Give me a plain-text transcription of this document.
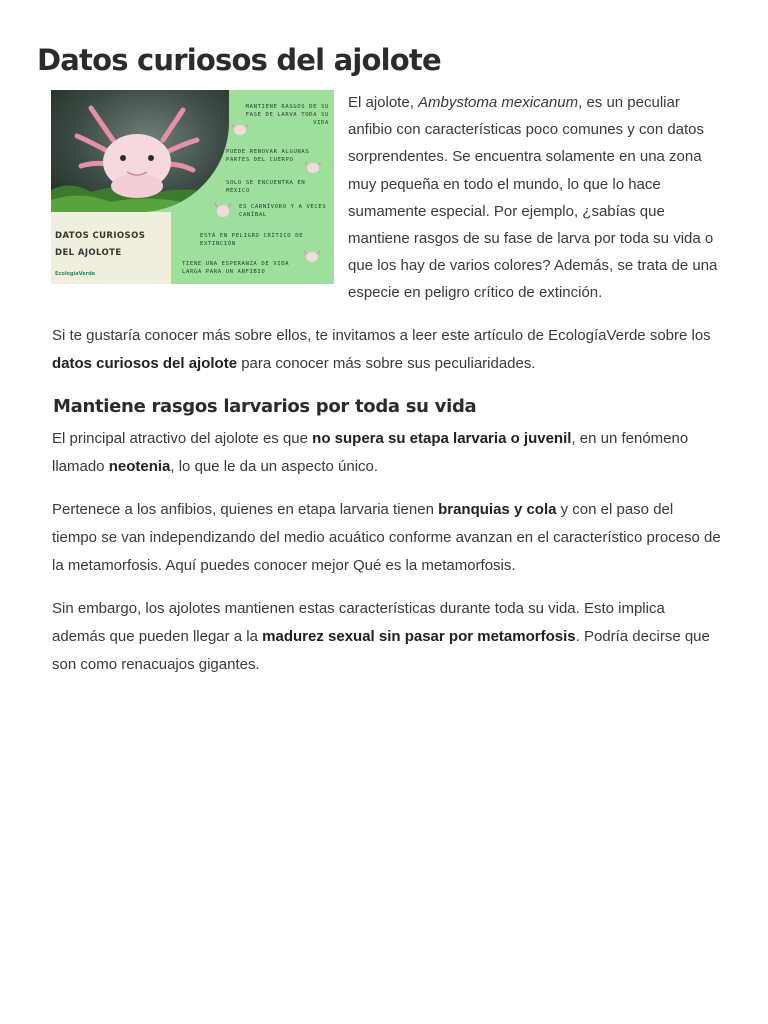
Datos curiosos del ajolote
DATOS CURIOSOS DEL AJOLOTE
EcologíaVerde
MANTIENE RASGOS DE SU FASE DE LARVA TODA SU VIDA
PUEDE RENOVAR ALGUNAS PARTES DEL CUERPO
SOLO SE ENCUENTRA EN MÉXICO
ES CARNÍVORO Y A VECES CANÍBAL
ESTÁ EN PELIGRO CRÍTICO DE EXTINCIÓN
TIENE UNA ESPERANZA DE VIDA LARGA PARA UN ANFIBIO

El ajolote, Ambystoma mexicanum, es un peculiar anfibio con características poco comunes y con datos sorprendentes. Se encuentra solamente en una zona muy pequeña en todo el mundo, lo que lo hace sumamente especial. Por ejemplo, ¿sabías que mantiene rasgos de su fase de larva por toda su vida o que los hay de varios colores? Además, se trata de una especie en peligro crítico de extinción.

Si te gustaría conocer más sobre ellos, te invitamos a leer este artículo de EcologíaVerde sobre los datos curiosos del ajolote para conocer más sobre sus peculiaridades.

Mantiene rasgos larvarios por toda su vida

El principal atractivo del ajolote es que no supera su etapa larvaria o juvenil, en un fenómeno llamado neotenia, lo que le da un aspecto único.

Pertenece a los anfibios, quienes en etapa larvaria tienen branquias y cola y con el paso del tiempo se van independizando del medio acuático conforme avanzan en el característico proceso de la metamorfosis. Aquí puedes conocer mejor Qué es la metamorfosis.

Sin embargo, los ajolotes mantienen estas características durante toda su vida. Esto implica además que pueden llegar a la madurez sexual sin pasar por metamorfosis. Podría decirse que son como renacuajos gigantes.
